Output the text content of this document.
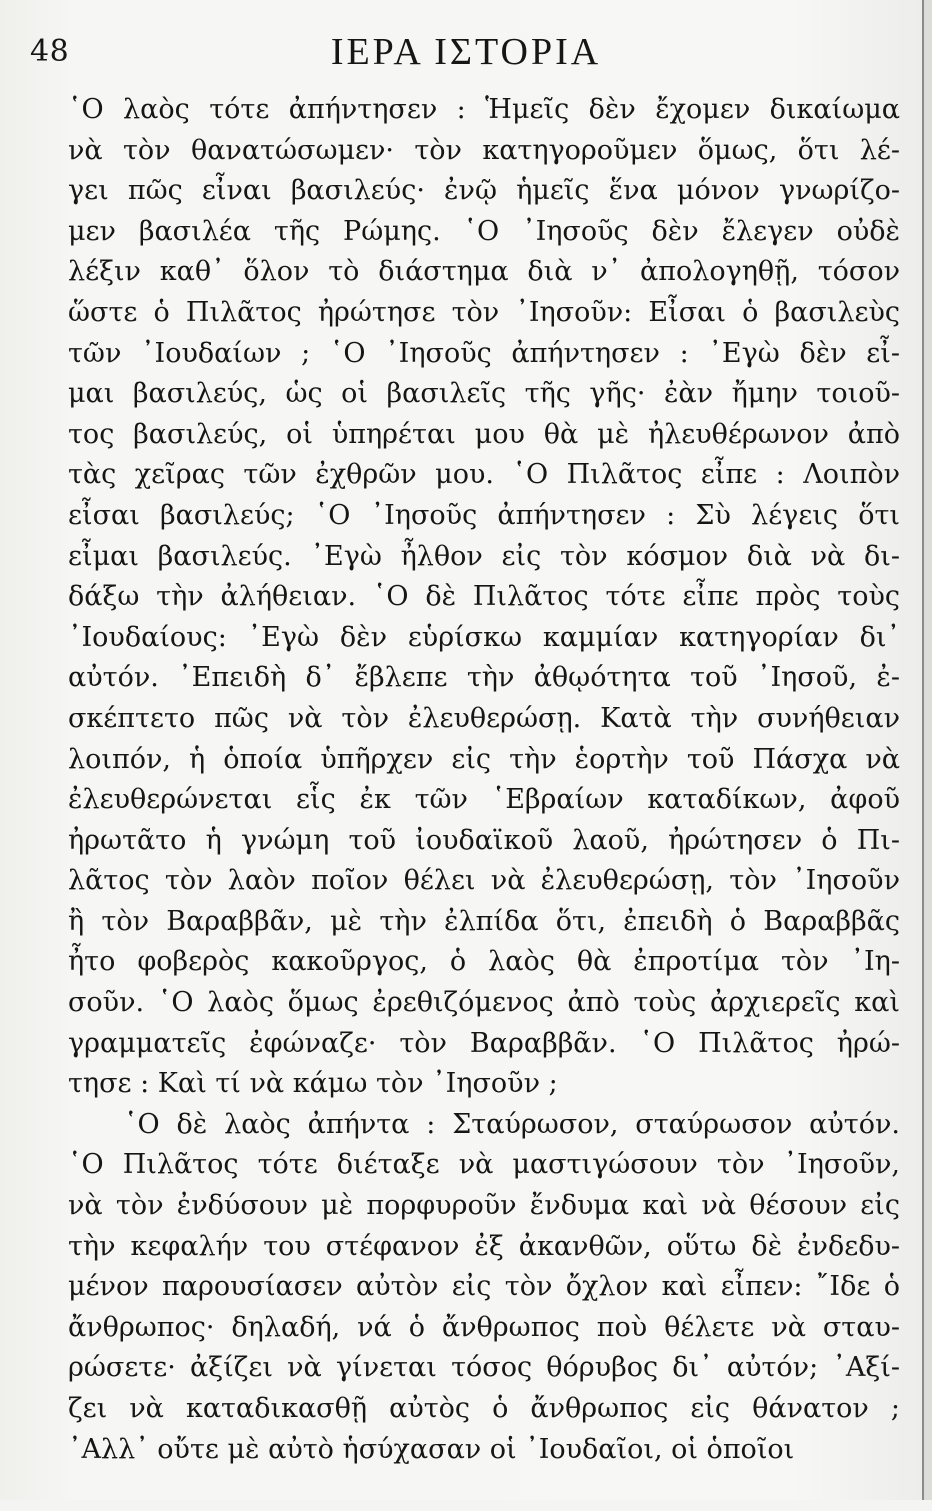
48	ΙΕΡΑ ΙΣΤΟΡΙΑ
῾Ο λαὸς τότε ἀπήντησεν : Ἡμεῖς δὲν ἔχομεν δικαίωμα
νὰ τὸν θανατώσωμεν· τὸν κατηγοροῦμεν ὅμως, ὅτι λέ-
γει πῶς εἶναι βασιλεύς· ἐνῷ ἡμεῖς ἕνα μόνον γνωρίζο-
μεν βασιλέα τῆς Ρώμης. ῾Ο ᾿Ιησοῦς δὲν ἔλεγεν οὐδὲ
λέξιν καθ᾿ ὅλον τὸ διάστημα διὰ ν᾿ ἀπολογηθῇ, τόσον
ὥστε ὁ Πιλᾶτος ἠρώτησε τὸν ᾿Ιησοῦν: Εἶσαι ὁ βασιλεὺς
τῶν ᾿Ιουδαίων ; ῾Ο ᾿Ιησοῦς ἀπήντησεν : ᾿Εγὼ δὲν εἶ-
μαι βασιλεύς, ὡς οἱ βασιλεῖς τῆς γῆς· ἐὰν ἤμην τοιοῦ-
τος βασιλεύς, οἱ ὑπηρέται μου θὰ μὲ ἠλευθέρωνον ἀπὸ
τὰς χεῖρας τῶν ἐχθρῶν μου. ῾Ο Πιλᾶτος εἶπε : Λοιπὸν
εἶσαι βασιλεύς; ῾Ο ᾿Ιησοῦς ἀπήντησεν : Σὺ λέγεις ὅτι
εἶμαι βασιλεύς. ᾿Εγὼ ἦλθον εἰς τὸν κόσμον διὰ νὰ δι-
δάξω τὴν ἀλήθειαν. ῾Ο δὲ Πιλᾶτος τότε εἶπε πρὸς τοὺς
᾿Ιουδαίους: ᾿Εγὼ δὲν εὑρίσκω καμμίαν κατηγορίαν δι᾿
αὐτόν. ᾿Επειδὴ δ᾿ ἔβλεπε τὴν ἀθῳότητα τοῦ ᾿Ιησοῦ, ἐ-
σκέπτετο πῶς νὰ τὸν ἐλευθερώσῃ. Κατὰ τὴν συνήθειαν
λοιπόν, ἡ ὁποία ὑπῆρχεν εἰς τὴν ἑορτὴν τοῦ Πάσχα νὰ
ἐλευθερώνεται εἷς ἐκ τῶν ῾Εβραίων καταδίκων, ἀφοῦ
ἠρωτᾶτο ἡ γνώμη τοῦ ἰουδαϊκοῦ λαοῦ, ἠρώτησεν ὁ Πι-
λᾶτος τὸν λαὸν ποῖον θέλει νὰ ἐλευθερώσῃ, τὸν ᾿Ιησοῦν
ἢ τὸν Βαραββᾶν, μὲ τὴν ἐλπίδα ὅτι, ἐπειδὴ ὁ Βαραββᾶς
ἦτο φοβερὸς κακοῦργος, ὁ λαὸς θὰ ἐπροτίμα τὸν ᾿Ιη-
σοῦν. ῾Ο λαὸς ὅμως ἐρεθιζόμενος ἀπὸ τοὺς ἀρχιερεῖς καὶ
γραμματεῖς ἐφώναζε· τὸν Βαραββᾶν. ῾Ο Πιλᾶτος ἠρώ-
τησε : Καὶ τί νὰ κάμω τὸν ᾿Ιησοῦν ;
῾Ο δὲ λαὸς ἀπήντα : Σταύρωσον, σταύρωσον αὐτόν.
῾Ο Πιλᾶτος τότε διέταξε νὰ μαστιγώσουν τὸν ᾿Ιησοῦν,
νὰ τὸν ἐνδύσουν μὲ πορφυροῦν ἔνδυμα καὶ νὰ θέσουν εἰς
τὴν κεφαλήν του στέφανον ἐξ ἀκανθῶν, οὕτω δὲ ἐνδεδυ-
μένον παρουσίασεν αὐτὸν εἰς τὸν ὄχλον καὶ εἶπεν: ῎Ιδε ὁ
ἄνθρωπος· δηλαδή, νά ὁ ἄνθρωπος ποὺ θέλετε νὰ σταυ-
ρώσετε· ἀξίζει νὰ γίνεται τόσος θόρυβος δι᾿ αὐτόν; ᾿Αξί-
ζει νὰ καταδικασθῇ αὐτὸς ὁ ἄνθρωπος εἰς θάνατον ;
᾿Αλλ᾿ οὔτε μὲ αὐτὸ ἡσύχασαν οἱ ᾿Ιουδαῖοι, οἱ ὁποῖοι
